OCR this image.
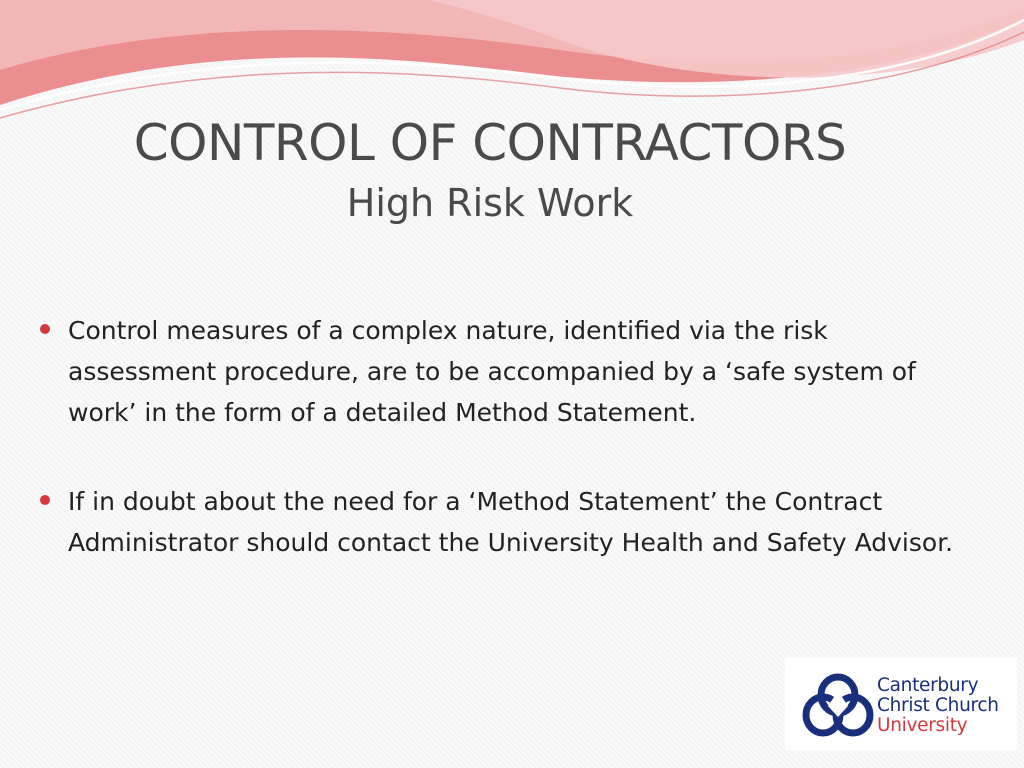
CONTROL OF CONTRACTORS
High Risk Work
Control measures of a complex nature, identified via the risk assessment procedure, are to be accompanied by a ‘safe system of work’ in the form of a detailed Method Statement.
If in doubt about the need for a ‘Method Statement’ the Contract Administrator should contact the University Health and Safety Advisor.
Canterbury
Christ Church
University
